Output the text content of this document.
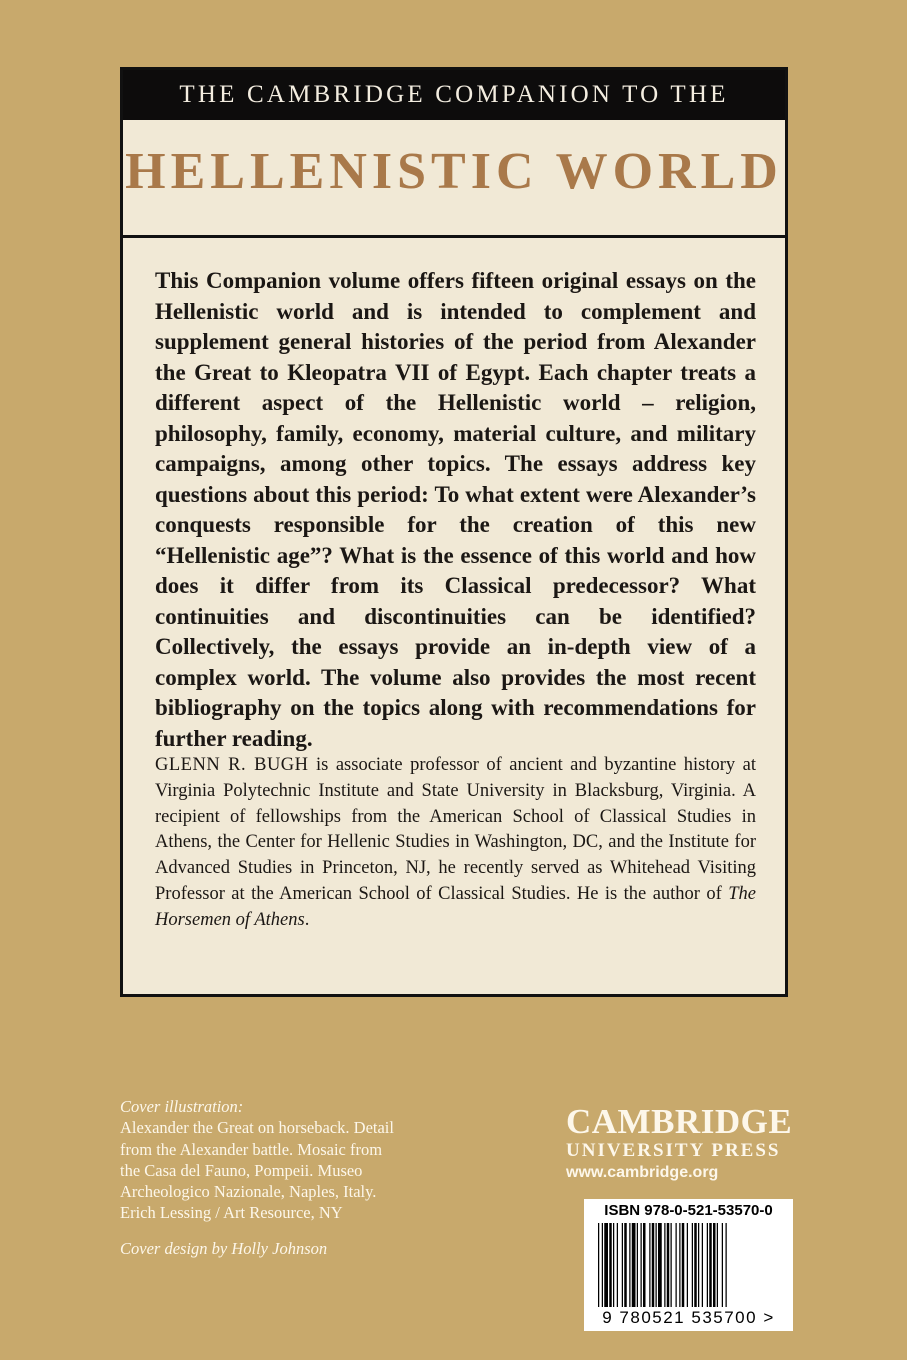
THE CAMBRIDGE COMPANION TO THE
HELLENISTIC WORLD

This Companion volume offers fifteen original essays on the Hellenistic world and is intended to complement and supplement general histories of the period from Alexander the Great to Kleopatra VII of Egypt. Each chapter treats a different aspect of the Hellenistic world – religion, philosophy, family, economy, material culture, and military campaigns, among other topics. The essays address key questions about this period: To what extent were Alexander’s conquests responsible for the creation of this new “Hellenistic age”? What is the essence of this world and how does it differ from its Classical predecessor? What continuities and discontinuities can be identified? Collectively, the essays provide an in-depth view of a complex world. The volume also provides the most recent bibliography on the topics along with recommendations for further reading.

GLENN R. BUGH is associate professor of ancient and byzantine history at Virginia Polytechnic Institute and State University in Blacksburg, Virginia. A recipient of fellowships from the American School of Classical Studies in Athens, the Center for Hellenic Studies in Washington, DC, and the Institute for Advanced Studies in Princeton, NJ, he recently served as Whitehead Visiting Professor at the American School of Classical Studies. He is the author of The Horsemen of Athens.

Cover illustration:
Alexander the Great on horseback. Detail
from the Alexander battle. Mosaic from
the Casa del Fauno, Pompeii. Museo
Archeologico Nazionale, Naples, Italy.
Erich Lessing / Art Resource, NY
Cover design by Holly Johnson
CAMBRIDGE
UNIVERSITY PRESS
www.cambridge.org
ISBN 978-0-521-53570-0
9 780521 535700 >
